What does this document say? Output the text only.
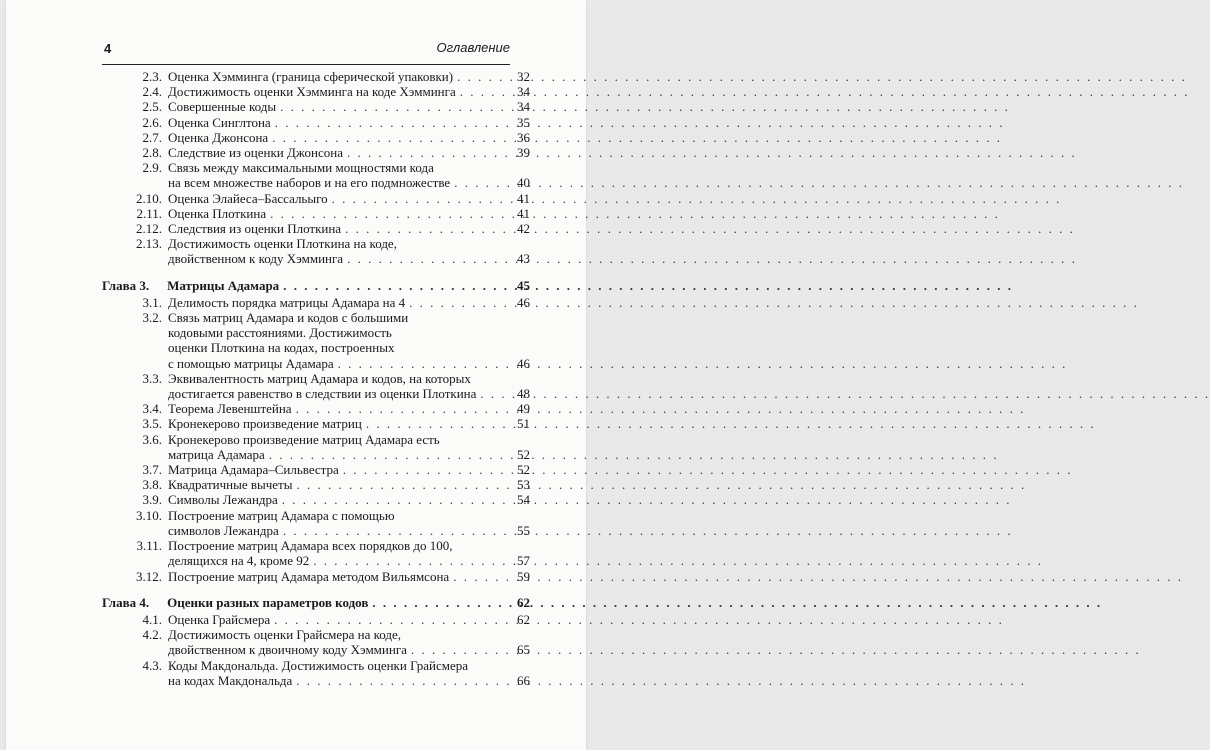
4	Оглавление
2.3. Оценка Хэмминга (граница сферической упаковки) . . .	32
2.4. Достижимость оценки Хэмминга на коде Хэмминга . . .	34
2.5. Совершенные коды . . .	34
2.6. Оценка Синглтона . . .	35
2.7. Оценка Джонсона . . .	36
2.8. Следствие из оценки Джонсона . . .	39
2.9. Связь между максимальными мощностями кода
на всем множестве наборов и на его подмножестве . . .	40
2.10. Оценка Элайеса–Бассальыго . . .	41
2.11. Оценка Плоткина . . .	41
2.12. Следствия из оценки Плоткина . . .	42
2.13. Достижимость оценки Плоткина на коде,
двойственном к коду Хэмминга . . .	43
Глава 3. Матрицы Адамара . . .	45
3.1. Делимость порядка матрицы Адамара на 4 . . .	46
3.2. Связь матриц Адамара и кодов с большими
кодовыми расстояниями. Достижимость
оценки Плоткина на кодах, построенных
с помощью матрицы Адамара . . .	46
3.3. Эквивалентность матриц Адамара и кодов, на которых
достигается равенство в следствии из оценки Плоткина . . .	48
3.4. Теорема Левенштейна . . .	49
3.5. Кронекерово произведение матриц . . .	51
3.6. Кронекерово произведение матриц Адамара есть
матрица Адамара . . .	52
3.7. Матрица Адамара–Сильвестра . . .	52
3.8. Квадратичные вычеты . . .	53
3.9. Символы Лежандра . . .	54
3.10. Построение матриц Адамара с помощью
символов Лежандра . . .	55
3.11. Построение матриц Адамара всех порядков до 100,
делящихся на 4, кроме 92 . . .	57
3.12. Построение матриц Адамара методом Вильямсона . . .	59
Глава 4. Оценки разных параметров кодов . . .	62
4.1. Оценка Грайсмера . . .	62
4.2. Достижимость оценки Грайсмера на коде,
двойственном к двоичному коду Хэмминга . . .	65
4.3. Коды Макдональда. Достижимость оценки Грайсмера
на кодах Макдональда . . .	66
